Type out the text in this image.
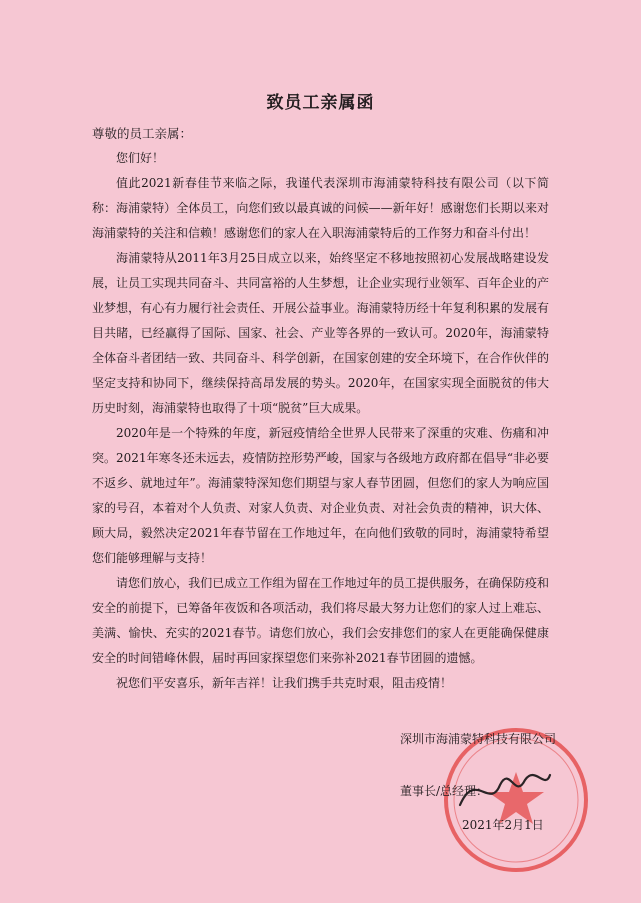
致员工亲属函
尊敬的员工亲属：

您们好！

值此2021新春佳节来临之际，我谨代表深圳市海浦蒙特科技有限公司（以下简称：海浦蒙特）全体员工，向您们致以最真诚的问候——新年好！感谢您们长期以来对海浦蒙特的关注和信赖！感谢您们的家人在入职海浦蒙特后的工作努力和奋斗付出！

海浦蒙特从2011年3月25日成立以来，始终坚定不移地按照初心发展战略建设发展，让员工实现共同奋斗、共同富裕的人生梦想，让企业实现行业领军、百年企业的产业梦想，有心有力履行社会责任、开展公益事业。海浦蒙特历经十年复利积累的发展有目共睹，已经赢得了国际、国家、社会、产业等各界的一致认可。2020年，海浦蒙特全体奋斗者团结一致、共同奋斗、科学创新，在国家创建的安全环境下，在合作伙伴的坚定支持和协同下，继续保持高昂发展的势头。2020年，在国家实现全面脱贫的伟大历史时刻，海浦蒙特也取得了十项“脱贫”巨大成果。

2020年是一个特殊的年度，新冠疫情给全世界人民带来了深重的灾难、伤痛和冲突。2021年寒冬还未远去，疫情防控形势严峻，国家与各级地方政府都在倡导“非必要不返乡、就地过年”。海浦蒙特深知您们期望与家人春节团圆，但您们的家人为响应国家的号召，本着对个人负责、对家人负责、对企业负责、对社会负责的精神，识大体、顾大局，毅然决定2021年春节留在工作地过年，在向他们致敬的同时，海浦蒙特希望您们能够理解与支持！

请您们放心，我们已成立工作组为留在工作地过年的员工提供服务，在确保防疫和安全的前提下，已筹备年夜饭和各项活动，我们将尽最大努力让您们的家人过上难忘、美满、愉快、充实的2021春节。请您们放心，我们会安排您们的家人在更能确保健康安全的时间错峰休假，届时再回家探望您们来弥补2021春节团圆的遗憾。

祝您们平安喜乐，新年吉祥！让我们携手共克时艰，阻击疫情！

深圳市海浦蒙特科技有限公司
董事长/总经理：
2021年2月1日
